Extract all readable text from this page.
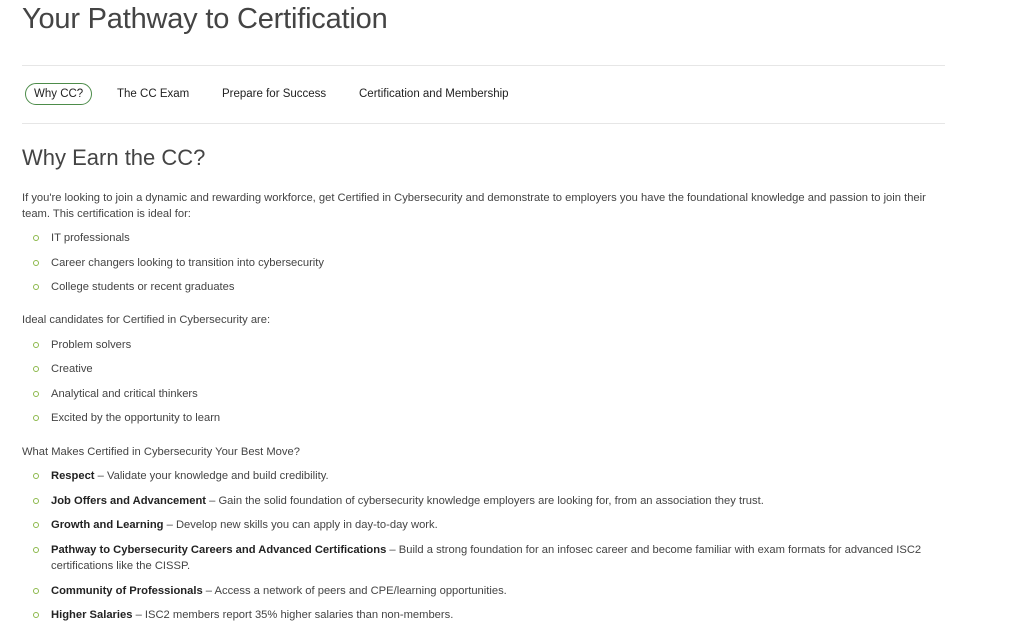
Your Pathway to Certification
Why CC?	The CC Exam	Prepare for Success	Certification and Membership
Why Earn the CC?

If you're looking to join a dynamic and rewarding workforce, get Certified in Cybersecurity and demonstrate to employers you have the foundational knowledge and passion to join their team. This certification is ideal for:

IT professionals
Career changers looking to transition into cybersecurity
College students or recent graduates

Ideal candidates for Certified in Cybersecurity are:

Problem solvers
Creative
Analytical and critical thinkers
Excited by the opportunity to learn

What Makes Certified in Cybersecurity Your Best Move?

Respect – Validate your knowledge and build credibility.
Job Offers and Advancement – Gain the solid foundation of cybersecurity knowledge employers are looking for, from an association they trust.
Growth and Learning – Develop new skills you can apply in day-to-day work.
Pathway to Cybersecurity Careers and Advanced Certifications – Build a strong foundation for an infosec career and become familiar with exam formats for advanced ISC2 certifications like the CISSP.
Community of Professionals – Access a network of peers and CPE/learning opportunities.
Higher Salaries – ISC2 members report 35% higher salaries than non-members.
